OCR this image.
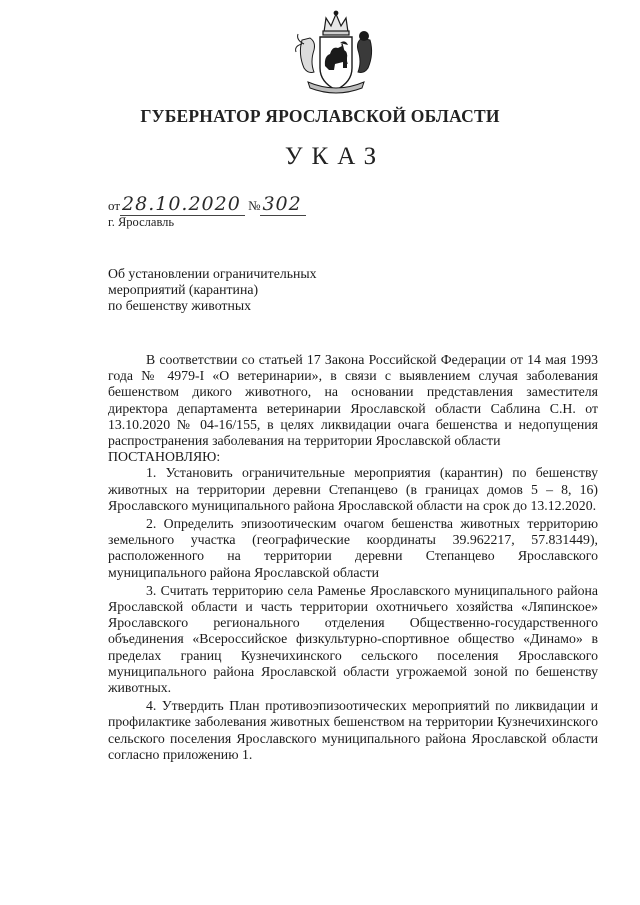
ГУБЕРНАТОР ЯРОСЛАВСКОЙ ОБЛАСТИ
УКАЗ
от 28.10.2020 № 302
г. Ярославль
Об установлении ограничительных
мероприятий (карантина)
по бешенству животных

В соответствии со статьей 17 Закона Российской Федерации от 14 мая 1993 года № 4979-I «О ветеринарии», в связи с выявлением случая заболевания бешенством дикого животного, на основании представления заместителя директора департамента ветеринарии Ярославской области Саблина С.Н. от 13.10.2020 № 04-16/155, в целях ликвидации очага бешенства и недопущения распространения заболевания на территории Ярославской области

ПОСТАНОВЛЯЮ:

1. Установить ограничительные мероприятия (карантин) по бешенству животных на территории деревни Степанцево (в границах домов 5 – 8, 16) Ярославского муниципального района Ярославской области на срок до 13.12.2020.

2. Определить эпизоотическим очагом бешенства животных территорию земельного участка (географические координаты 39.962217, 57.831449), расположенного на территории деревни Степанцево Ярославского муниципального района Ярославской области

3. Считать территорию села Раменье Ярославского муниципального района Ярославской области и часть территории охотничьего хозяйства «Ляпинское» Ярославского регионального отделения Общественно-государственного объединения «Всероссийское физкультурно-спортивное общество «Динамо» в пределах границ Кузнечихинского сельского поселения Ярославского муниципального района Ярославской области угрожаемой зоной по бешенству животных.

4. Утвердить План противоэпизоотических мероприятий по ликвидации и профилактике заболевания животных бешенством на территории Кузнечихинского сельского поселения Ярославского муниципального района Ярославской области согласно приложению 1.
